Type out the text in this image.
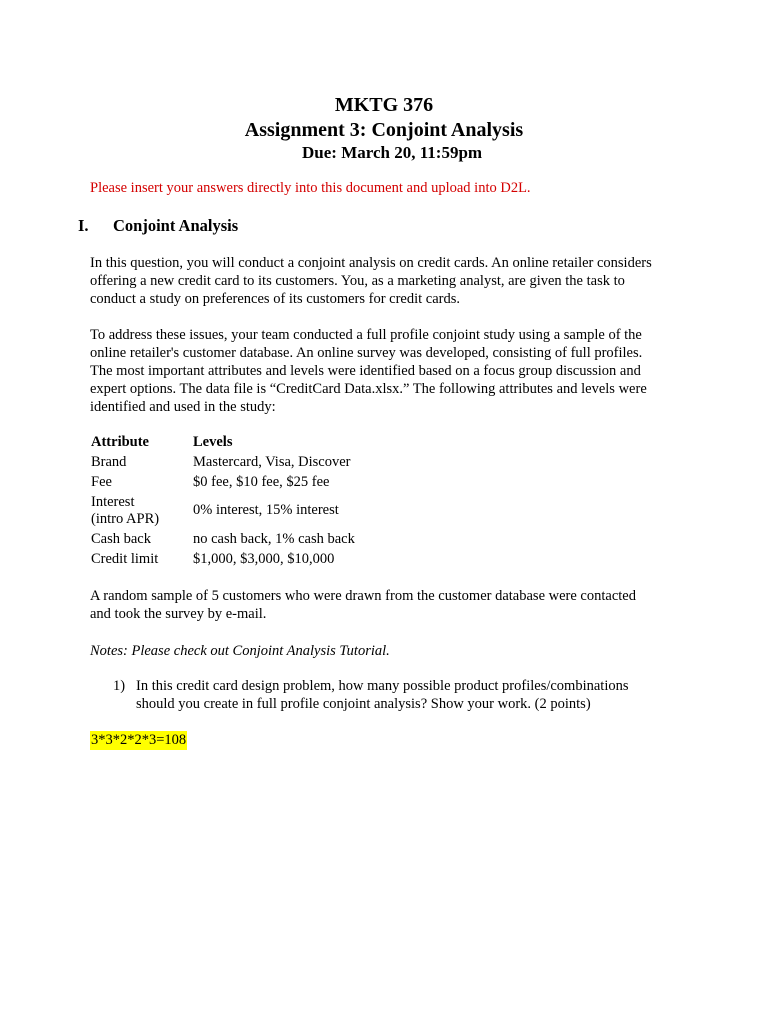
MKTG 376
Assignment 3: Conjoint Analysis
Due: March 20, 11:59pm
Please insert your answers directly into this document and upload into D2L.
I. Conjoint Analysis
In this question, you will conduct a conjoint analysis on credit cards. An online retailer considers
offering a new credit card to its customers. You, as a marketing analyst, are given the task to
conduct a study on preferences of its customers for credit cards.
To address these issues, your team conducted a full profile conjoint study using a sample of the
online retailer's customer database. An online survey was developed, consisting of full profiles.
The most important attributes and levels were identified based on a focus group discussion and
expert options. The data file is “CreditCard Data.xlsx.” The following attributes and levels were
identified and used in the study:
Attribute	Levels
Brand	Mastercard, Visa, Discover
Fee	$0 fee, $10 fee, $25 fee
Interest
(intro APR)	0% interest, 15% interest
Cash back	no cash back, 1% cash back
Credit limit	$1,000, $3,000, $10,000
A random sample of 5 customers who were drawn from the customer database were contacted
and took the survey by e-mail.
Notes: Please check out Conjoint Analysis Tutorial.
1) In this credit card design problem, how many possible product profiles/combinations
should you create in full profile conjoint analysis? Show your work. (2 points)
3*3*2*2*3=108
